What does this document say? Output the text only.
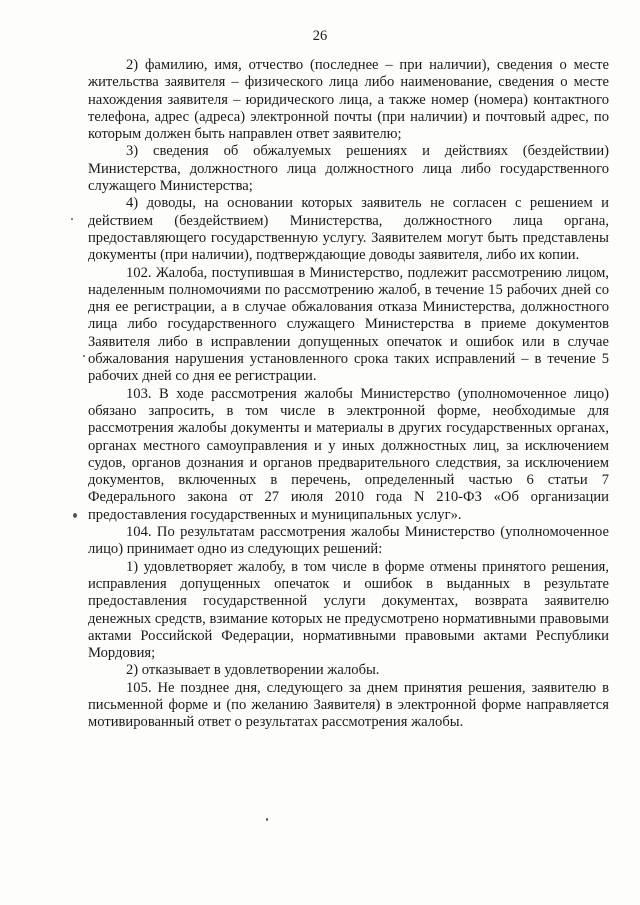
26

2) фамилию, имя, отчество (последнее – при наличии), сведения о месте жительства заявителя – физического лица либо наименование, сведения о месте нахождения заявителя – юридического лица, а также номер (номера) контактного телефона, адрес (адреса) электронной почты (при наличии) и почтовый адрес, по которым должен быть направлен ответ заявителю;

3) сведения об обжалуемых решениях и действиях (бездействии) Министерства, должностного лица должностного лица либо государственного служащего Министерства;

4) доводы, на основании которых заявитель не согласен с решением и действием (бездействием) Министерства, должностного лица органа, предоставляющего государственную услугу. Заявителем могут быть представлены документы (при наличии), подтверждающие доводы заявителя, либо их копии.

102. Жалоба, поступившая в Министерство, подлежит рассмотрению лицом, наделенным полномочиями по рассмотрению жалоб, в течение 15 рабочих дней со дня ее регистрации, а в случае обжалования отказа Министерства, должностного лица либо государственного служащего Министерства в приеме документов Заявителя либо в исправлении допущенных опечаток и ошибок или в случае обжалования нарушения установленного срока таких исправлений – в течение 5 рабочих дней со дня ее регистрации.

103. В ходе рассмотрения жалобы Министерство (уполномоченное лицо) обязано запросить, в том числе в электронной форме, необходимые для рассмотрения жалобы документы и материалы в других государственных органах, органах местного самоуправления и у иных должностных лиц, за исключением судов, органов дознания и органов предварительного следствия, за исключением документов, включенных в перечень, определенный частью 6 статьи 7 Федерального закона от 27 июля 2010 года N 210-ФЗ «Об организации предоставления государственных и муниципальных услуг».

104. По результатам рассмотрения жалобы Министерство (уполномоченное лицо) принимает одно из следующих решений:

1) удовлетворяет жалобу, в том числе в форме отмены принятого решения, исправления допущенных опечаток и ошибок в выданных в результате предоставления государственной услуги документах, возврата заявителю денежных средств, взимание которых не предусмотрено нормативными правовыми актами Российской Федерации, нормативными правовыми актами Республики Мордовия;

2) отказывает в удовлетворении жалобы.

105. Не позднее дня, следующего за днем принятия решения, заявителю в письменной форме и (по желанию Заявителя) в электронной форме направляется мотивированный ответ о результатах рассмотрения жалобы.
